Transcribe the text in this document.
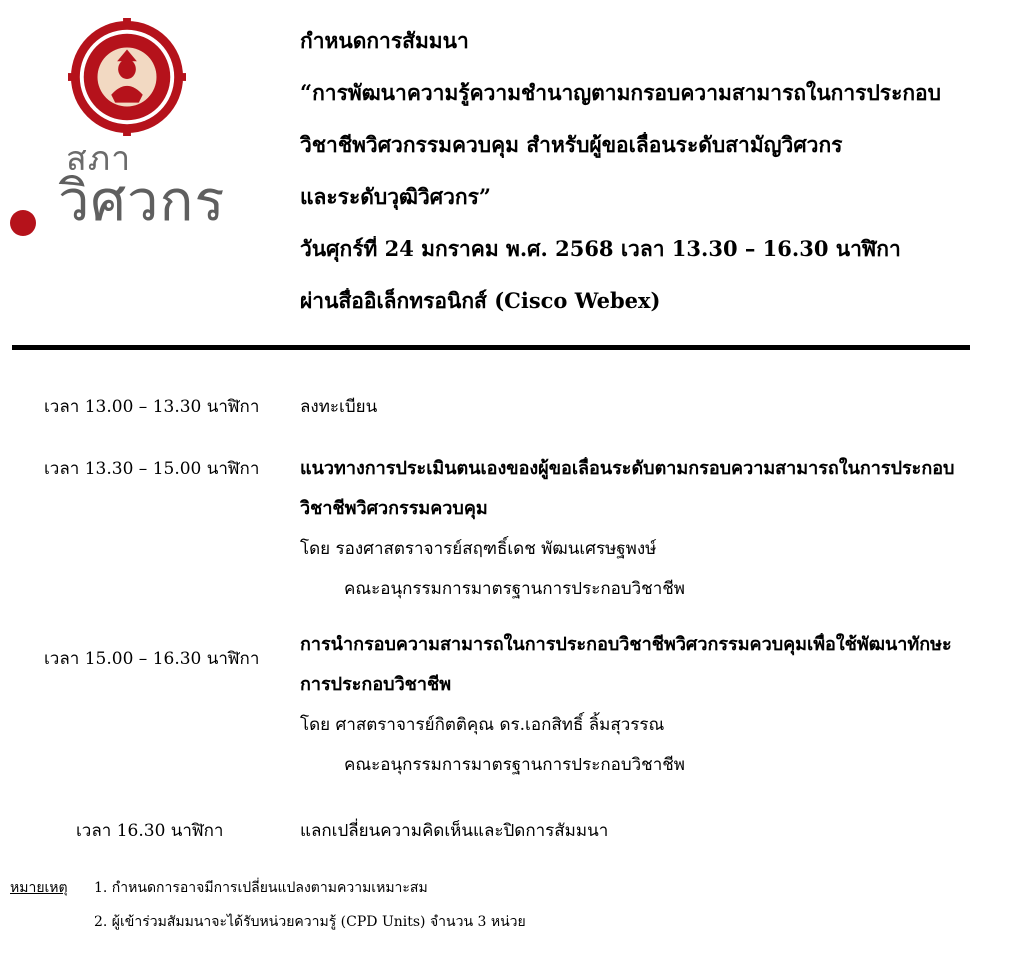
สภา
วิศวกร
กำหนดการสัมมนา
“การพัฒนาความรู้ความชำนาญตามกรอบความสามารถในการประกอบ
วิชาชีพวิศวกรรมควบคุม สำหรับผู้ขอเลื่อนระดับสามัญวิศวกร
และระดับวุฒิวิศวกร”
วันศุกร์ที่ 24 มกราคม พ.ศ. 2568 เวลา 13.30 – 16.30 นาฬิกา
ผ่านสื่ออิเล็กทรอนิกส์ (Cisco Webex)
เวลา 13.00 – 13.30 นาฬิกา ลงทะเบียน
เวลา 13.30 – 15.00 นาฬิกา แนวทางการประเมินตนเองของผู้ขอเลื่อนระดับตามกรอบความสามารถในการประกอบ
วิชาชีพวิศวกรรมควบคุม
โดย รองศาสตราจารย์สฤฑธิ์เดช พัฒนเศรษฐพงษ์
คณะอนุกรรมการมาตรฐานการประกอบวิชาชีพ
เวลา 15.00 – 16.30 นาฬิกา
การนำกรอบความสามารถในการประกอบวิชาชีพวิศวกรรมควบคุมเพื่อใช้พัฒนาทักษะ
การประกอบวิชาชีพ
โดย ศาสตราจารย์กิตติคุณ ดร.เอกสิทธิ์ ลิ้มสุวรรณ
คณะอนุกรรมการมาตรฐานการประกอบวิชาชีพ
เวลา 16.30 นาฬิกา	แลกเปลี่ยนความคิดเห็นและปิดการสัมมนา
หมายเหตุ 1. กำหนดการอาจมีการเปลี่ยนแปลงตามความเหมาะสม
2. ผู้เข้าร่วมสัมมนาจะได้รับหน่วยความรู้ (CPD Units) จำนวน 3 หน่วย
